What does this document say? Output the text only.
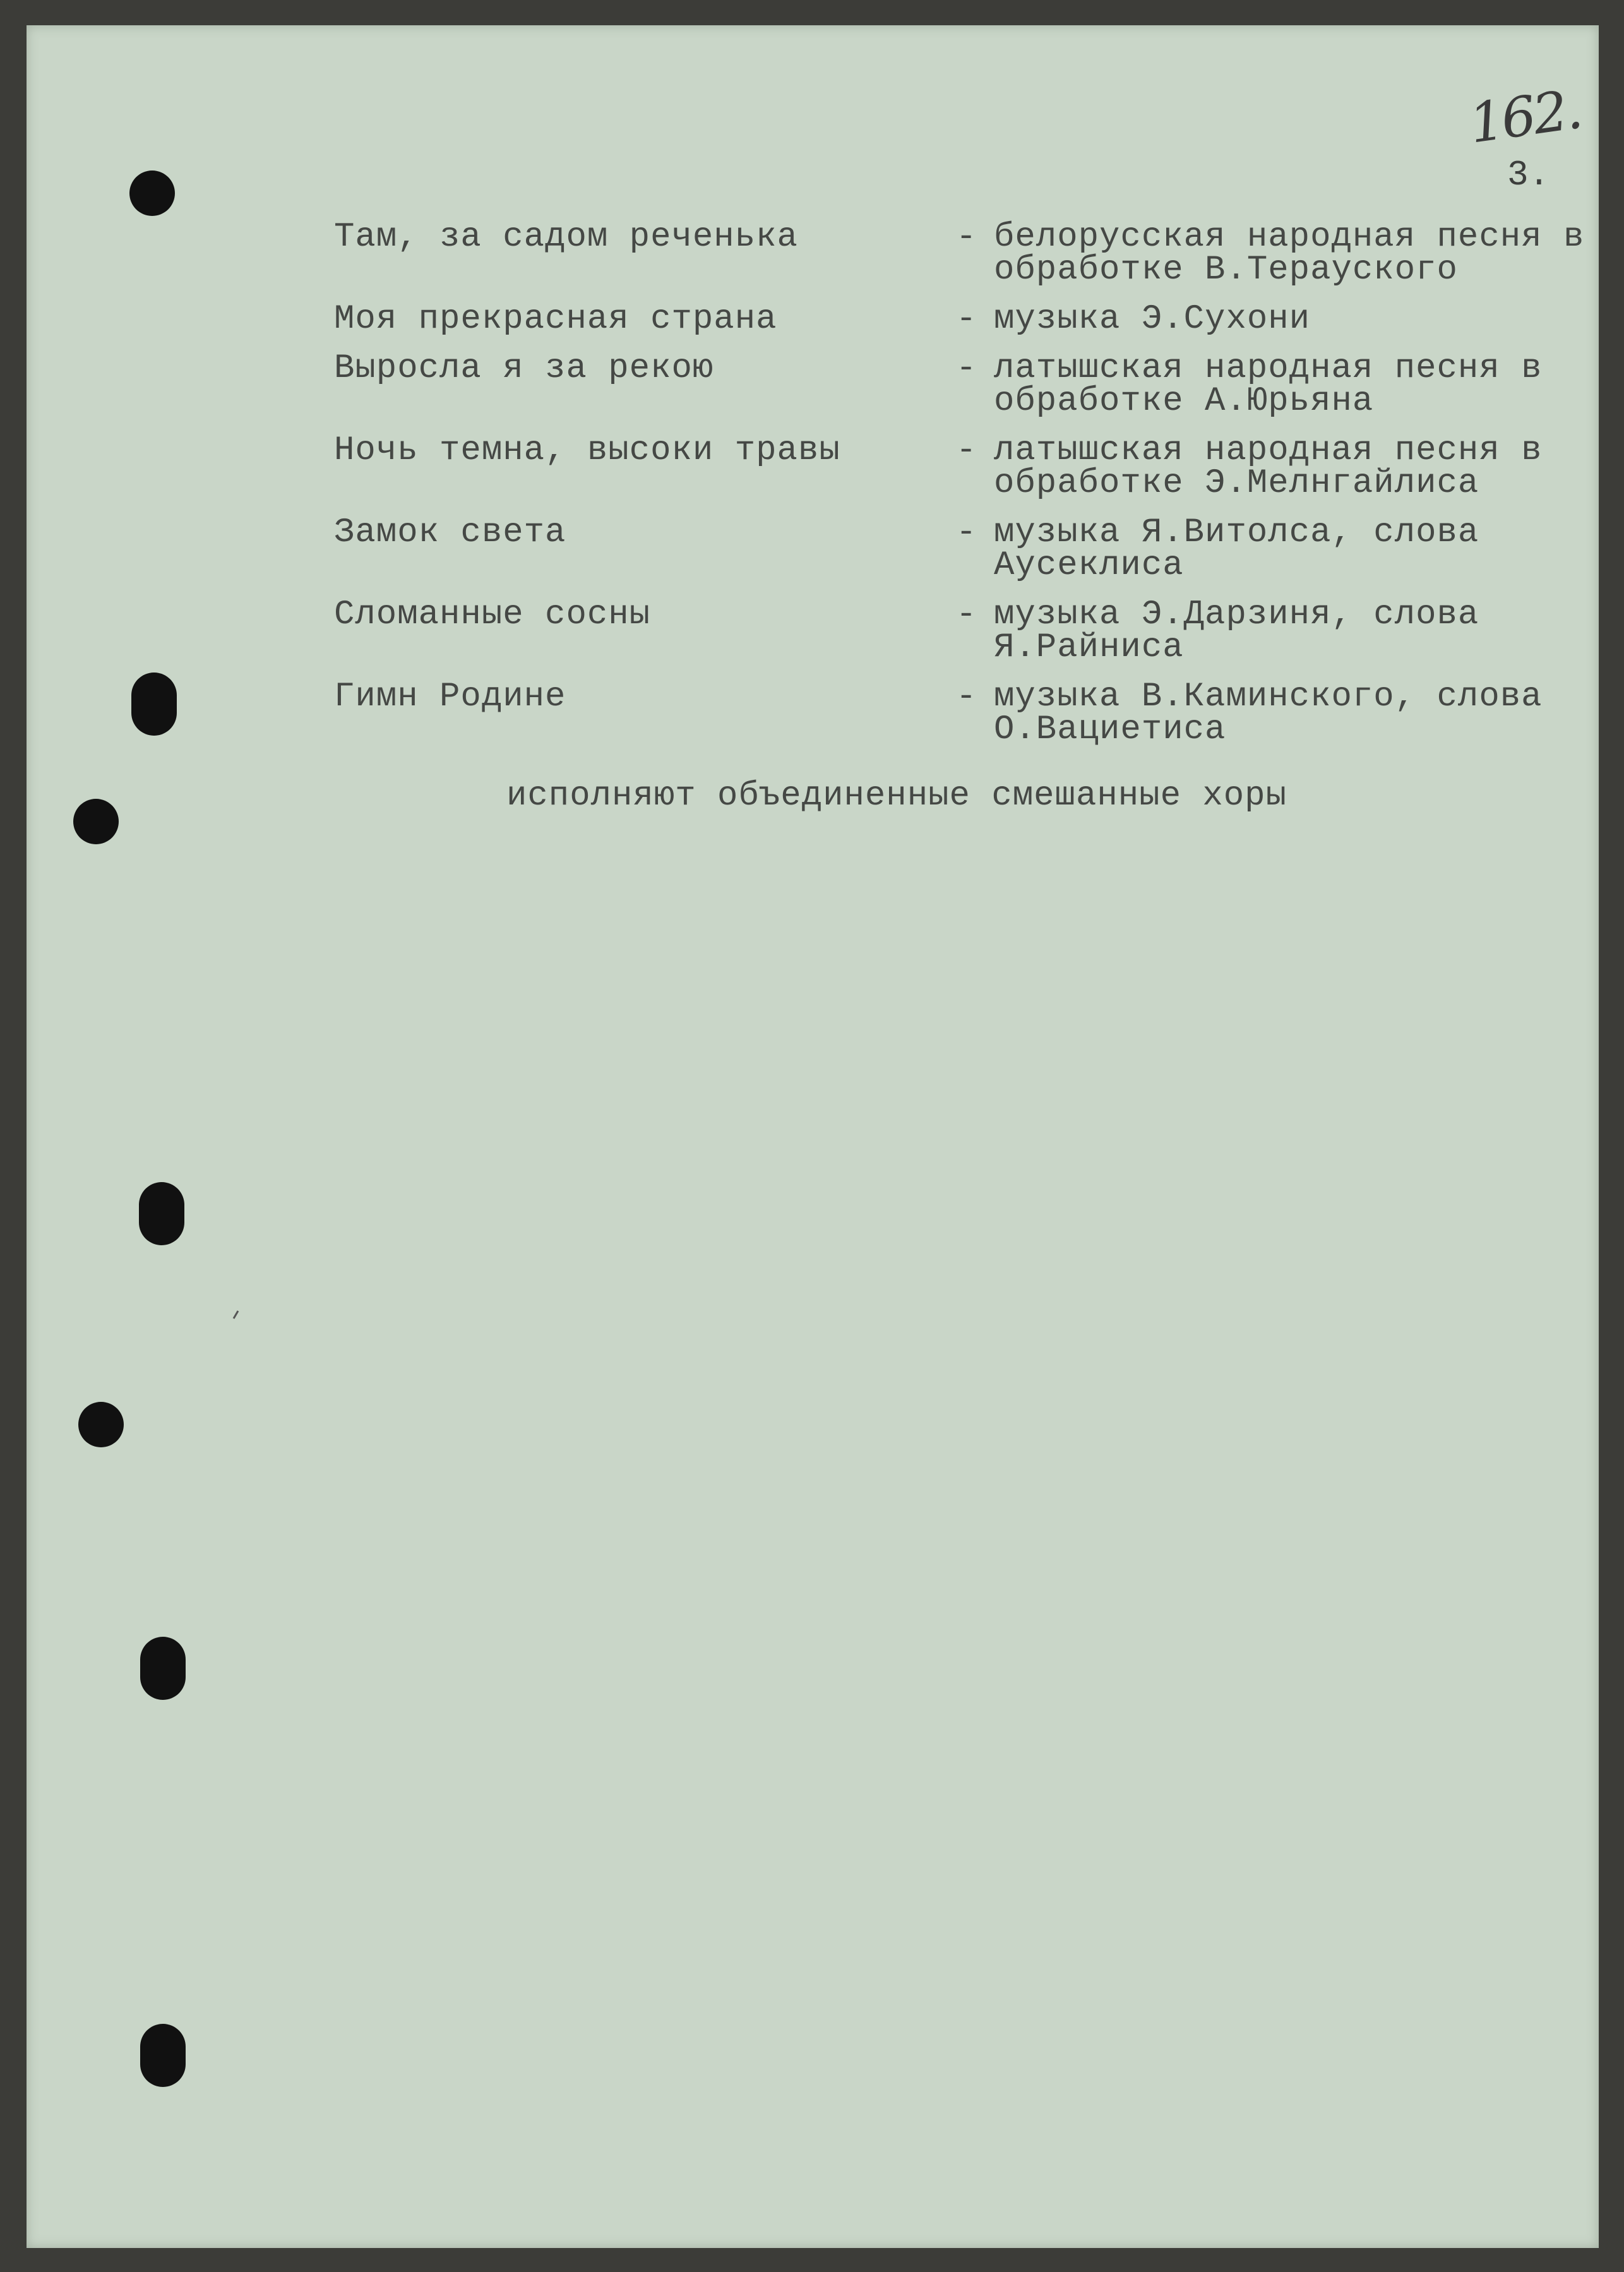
162.
3.
Там, за садом реченька	- белорусская народная песня в
обработке В.Тераускогo
Моя прекрасная страна	- музыка Э.Сухони
Выросла я за рекою	- латышская народная песня в
обработке А.Юрьяна
Ночь темна, высоки травы	- латышская народная песня в
обработке Э.Мелнгайлиса
Замок света	- музыка Я.Витолса, слова
Аусеклиса
Сломанные сосны	- музыка Э.Дарзиня, слова
Я.Райниса
Гимн Родине	- музыка В.Каминского, слова
О.Вациетиса
исполняют объединенные смешанные хоры
